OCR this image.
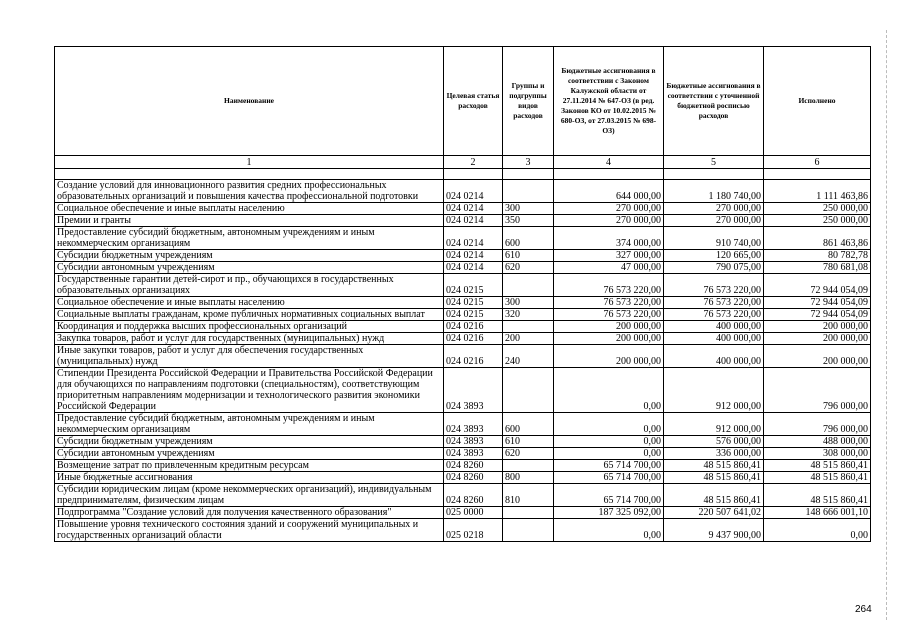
Наименование	Целевая статья расходов	Группы и подгруппы видов расходов	Бюджетные ассигнования в соответствии с Законом Калужской области от 27.11.2014 № 647-ОЗ (в ред. Законов КО от 10.02.2015 № 680-ОЗ, от 27.03.2015 № 698-ОЗ)	Бюджетные ассигнования в соответствии с уточненной бюджетной росписью расходов	Исполнено
1	2	3	4	5	6

Создание условий для инновационного развития средних профессиональных образовательных организаций и повышения качества профессиональной подготовки	024 0214		644 000,00	1 180 740,00	1 111 463,86
Социальное обеспечение и иные выплаты населению	024 0214	300	270 000,00	270 000,00	250 000,00
Премии и гранты	024 0214	350	270 000,00	270 000,00	250 000,00
Предоставление субсидий бюджетным, автономным учреждениям и иным некоммерческим организациям	024 0214	600	374 000,00	910 740,00	861 463,86
Субсидии бюджетным учреждениям	024 0214	610	327 000,00	120 665,00	80 782,78
Субсидии автономным учреждениям	024 0214	620	47 000,00	790 075,00	780 681,08
Государственные гарантии детей-сирот и пр., обучающихся в государственных образовательных организациях	024 0215		76 573 220,00	76 573 220,00	72 944 054,09
Социальное обеспечение и иные выплаты населению	024 0215	300	76 573 220,00	76 573 220,00	72 944 054,09
Социальные выплаты гражданам, кроме публичных нормативных социальных выплат	024 0215	320	76 573 220,00	76 573 220,00	72 944 054,09
Координация и поддержка высших профессиональных организаций	024 0216		200 000,00	400 000,00	200 000,00
Закупка товаров, работ и услуг для государственных (муниципальных) нужд	024 0216	200	200 000,00	400 000,00	200 000,00
Иные закупки товаров, работ и услуг для обеспечения государственных (муниципальных) нужд	024 0216	240	200 000,00	400 000,00	200 000,00
Стипендии Президента Российской Федерации и Правительства Российской Федерации для обучающихся по направлениям подготовки (специальностям), соответствующим приоритетным направлениям модернизации и технологического развития экономики Российской Федерации	024 3893		0,00	912 000,00	796 000,00
Предоставление субсидий бюджетным, автономным учреждениям и иным некоммерческим организациям	024 3893	600	0,00	912 000,00	796 000,00
Субсидии бюджетным учреждениям	024 3893	610	0,00	576 000,00	488 000,00
Субсидии автономным учреждениям	024 3893	620	0,00	336 000,00	308 000,00
Возмещение затрат по привлеченным кредитным ресурсам	024 8260		65 714 700,00	48 515 860,41	48 515 860,41
Иные бюджетные ассигнования	024 8260	800	65 714 700,00	48 515 860,41	48 515 860,41
Субсидии юридическим лицам (кроме некоммерческих организаций), индивидуальным предпринимателям, физическим лицам	024 8260	810	65 714 700,00	48 515 860,41	48 515 860,41
Подпрограмма "Создание условий для получения качественного образования"	025 0000		187 325 092,00	220 507 641,02	148 666 001,10
Повышение уровня технического состояния зданий и сооружений муниципальных и государственных организаций области	025 0218		0,00	9 437 900,00	0,00
264
